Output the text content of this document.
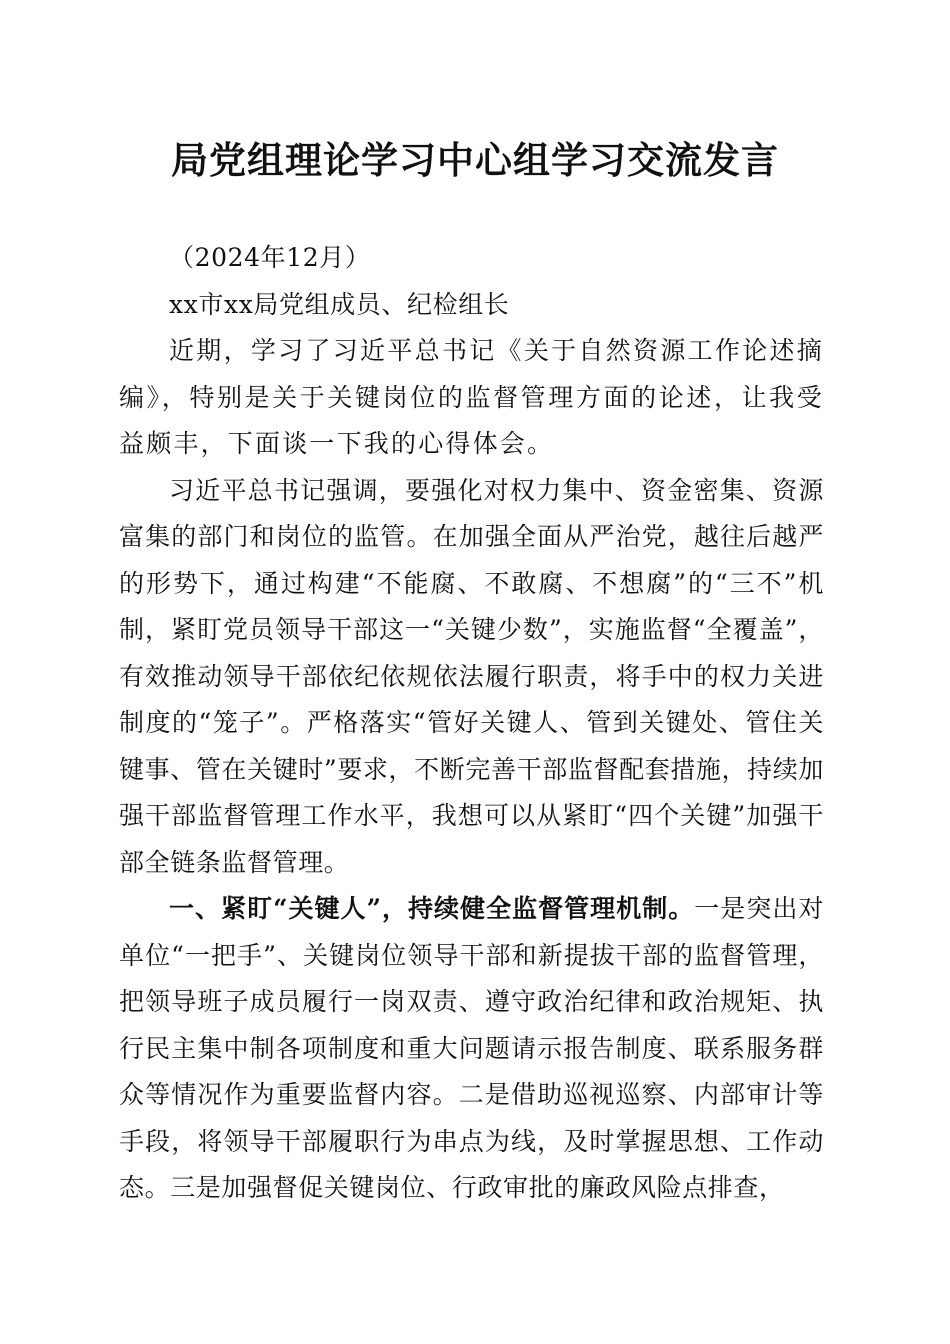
局党组理论学习中心组学习交流发言

（2024年12月）

xx市xx局党组成员、纪检组长

近期，学习了习近平总书记《关于自然资源工作论述摘编》，特别是关于关键岗位的监督管理方面的论述，让我受益颇丰，下面谈一下我的心得体会。

习近平总书记强调，要强化对权力集中、资金密集、资源富集的部门和岗位的监管。在加强全面从严治党，越往后越严的形势下，通过构建“不能腐、不敢腐、不想腐”的“三不”机制，紧盯党员领导干部这一“关键少数”，实施监督“全覆盖”，有效推动领导干部依纪依规依法履行职责，将手中的权力关进制度的“笼子”。严格落实“管好关键人、管到关键处、管住关键事、管在关键时”要求，不断完善干部监督配套措施，持续加强干部监督管理工作水平，我想可以从紧盯“四个关键”加强干部全链条监督管理。

一、紧盯“关键人”，持续健全监督管理机制。一是突出对单位“一把手”、关键岗位领导干部和新提拔干部的监督管理，把领导班子成员履行一岗双责、遵守政治纪律和政治规矩、执行民主集中制各项制度和重大问题请示报告制度、联系服务群众等情况作为重要监督内容。二是借助巡视巡察、内部审计等手段，将领导干部履职行为串点为线，及时掌握思想、工作动态。三是加强督促关键岗位、行政审批的廉政风险点排查，
